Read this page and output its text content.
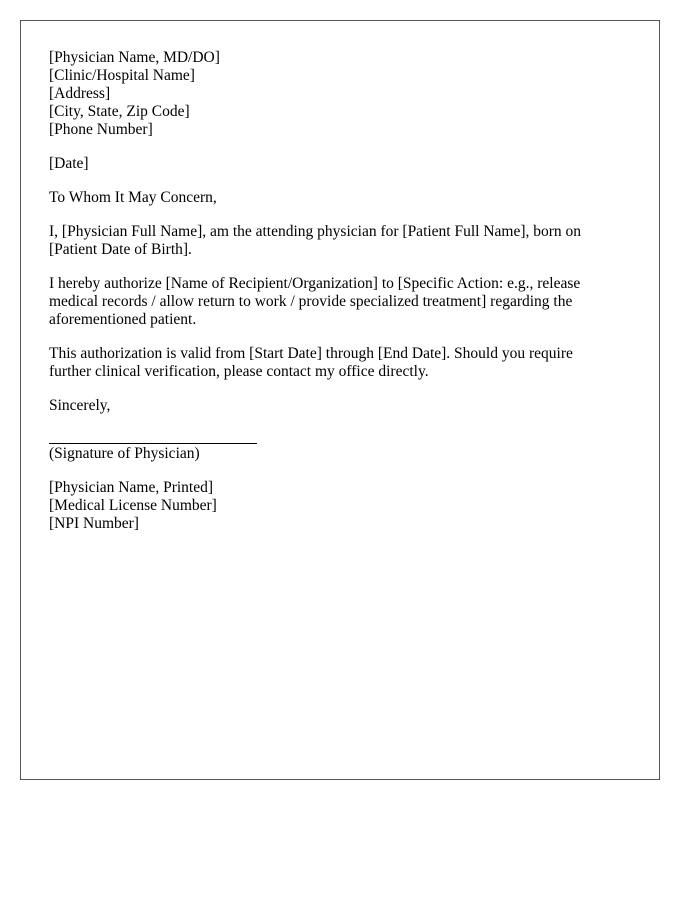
[Physician Name, MD/DO]
[Clinic/Hospital Name]
[Address]
[City, State, Zip Code]
[Phone Number]
[Date]
To Whom It May Concern,

I, [Physician Full Name], am the attending physician for [Patient Full Name], born on [Patient Date of Birth].

I hereby authorize [Name of Recipient/Organization] to [Specific Action: e.g., release medical records / allow return to work / provide specialized treatment] regarding the aforementioned patient.

This authorization is valid from [Start Date] through [End Date]. Should you require further clinical verification, please contact my office directly.

Sincerely,
(Signature of Physician)
[Physician Name, Printed]
[Medical License Number]
[NPI Number]
